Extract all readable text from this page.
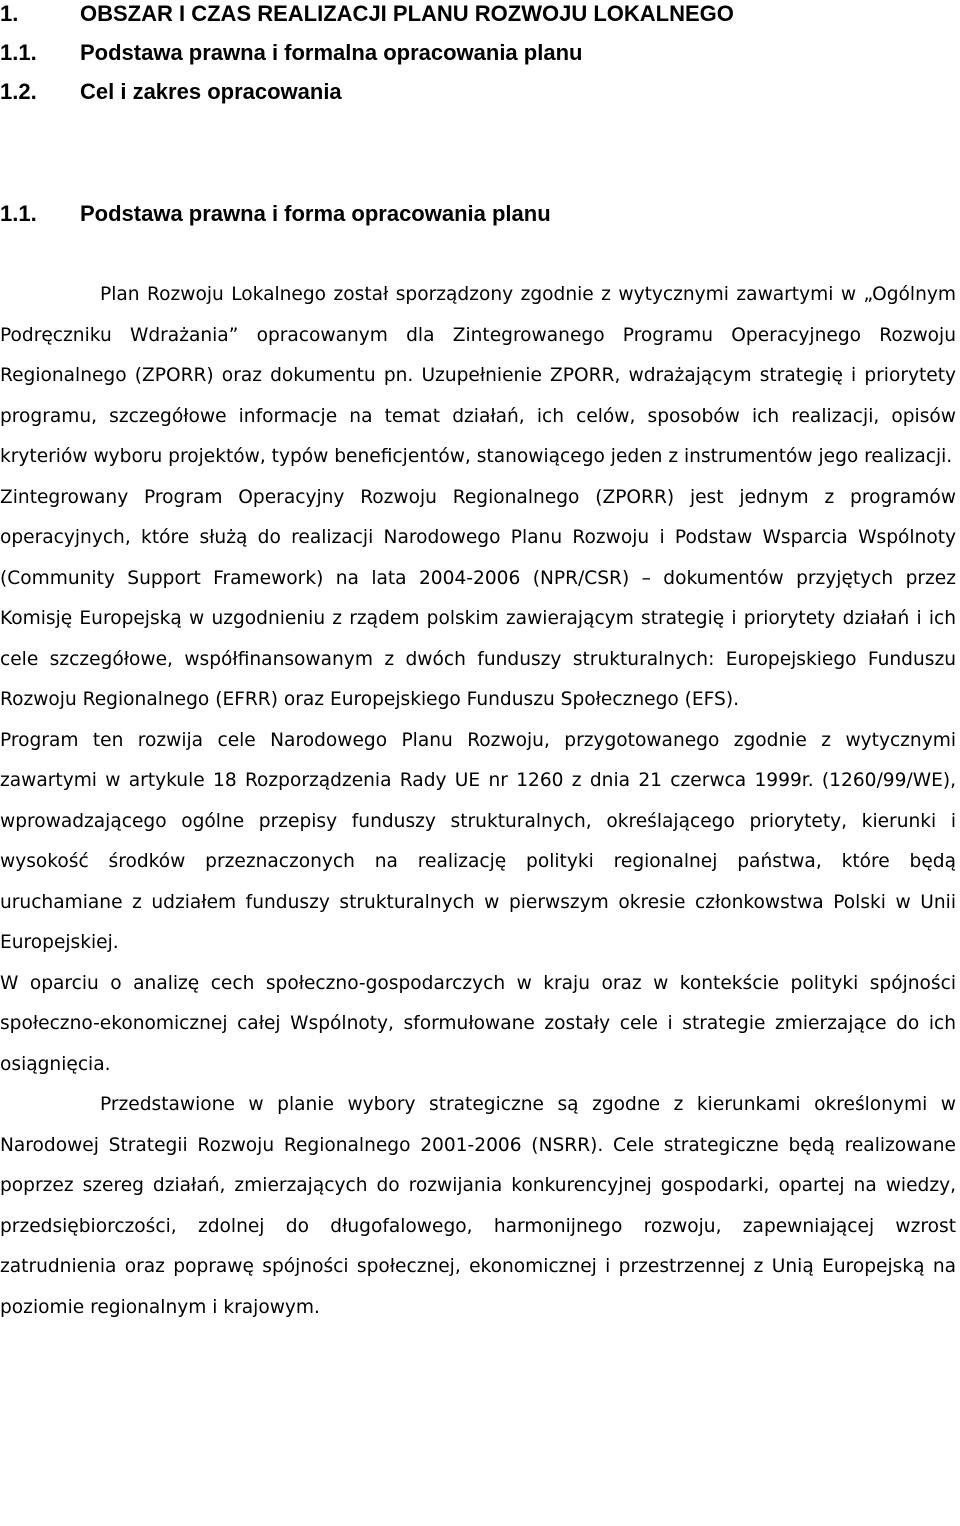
1.	OBSZAR I CZAS REALIZACJI PLANU ROZWOJU LOKALNEGO
1.1. Podstawa prawna i formalna opracowania planu
1.2. Cel i zakres opracowania
1.1. Podstawa prawna i forma opracowania planu

Plan Rozwoju Lokalnego został sporządzony zgodnie z wytycznymi zawartymi w „Ogólnym Podręczniku Wdrażania” opracowanym dla Zintegrowanego Programu Operacyjnego Rozwoju Regionalnego (ZPORR) oraz dokumentu pn. Uzupełnienie ZPORR, wdrażającym strategię i priorytety programu, szczegółowe informacje na temat działań, ich celów, sposobów ich realizacji, opisów kryteriów wyboru projektów, typów beneficjentów, stanowiącego jeden z instrumentów jego realizacji.

Zintegrowany Program Operacyjny Rozwoju Regionalnego (ZPORR) jest jednym z programów operacyjnych, które służą do realizacji Narodowego Planu Rozwoju i Podstaw Wsparcia Wspólnoty (Community Support Framework) na lata 2004-2006 (NPR/CSR) – dokumentów przyjętych przez Komisję Europejską w uzgodnieniu z rządem polskim zawierającym strategię i priorytety działań i ich cele szczegółowe, współfinansowanym z dwóch funduszy strukturalnych: Europejskiego Funduszu Rozwoju Regionalnego (EFRR) oraz Europejskiego Funduszu Społecznego (EFS).

Program ten rozwija cele Narodowego Planu Rozwoju, przygotowanego zgodnie z wytycznymi zawartymi w artykule 18 Rozporządzenia Rady UE nr 1260 z dnia 21 czerwca 1999r. (1260/99/WE), wprowadzającego ogólne przepisy funduszy strukturalnych, określającego priorytety, kierunki i wysokość środków przeznaczonych na realizację polityki regionalnej państwa, które będą uruchamiane z udziałem funduszy strukturalnych w pierwszym okresie członkowstwa Polski w Unii Europejskiej.

W oparciu o analizę cech społeczno-gospodarczych w kraju oraz w kontekście polityki spójności społeczno-ekonomicznej całej Wspólnoty, sformułowane zostały cele i strategie zmierzające do ich osiągnięcia.

Przedstawione w planie wybory strategiczne są zgodne z kierunkami określonymi w Narodowej Strategii Rozwoju Regionalnego 2001-2006 (NSRR). Cele strategiczne będą realizowane poprzez szereg działań, zmierzających do rozwijania konkurencyjnej gospodarki, opartej na wiedzy, przedsiębiorczości, zdolnej do długofalowego, harmonijnego rozwoju, zapewniającej wzrost zatrudnienia oraz poprawę spójności społecznej, ekonomicznej i przestrzennej z Unią Europejską na poziomie regionalnym i krajowym.
